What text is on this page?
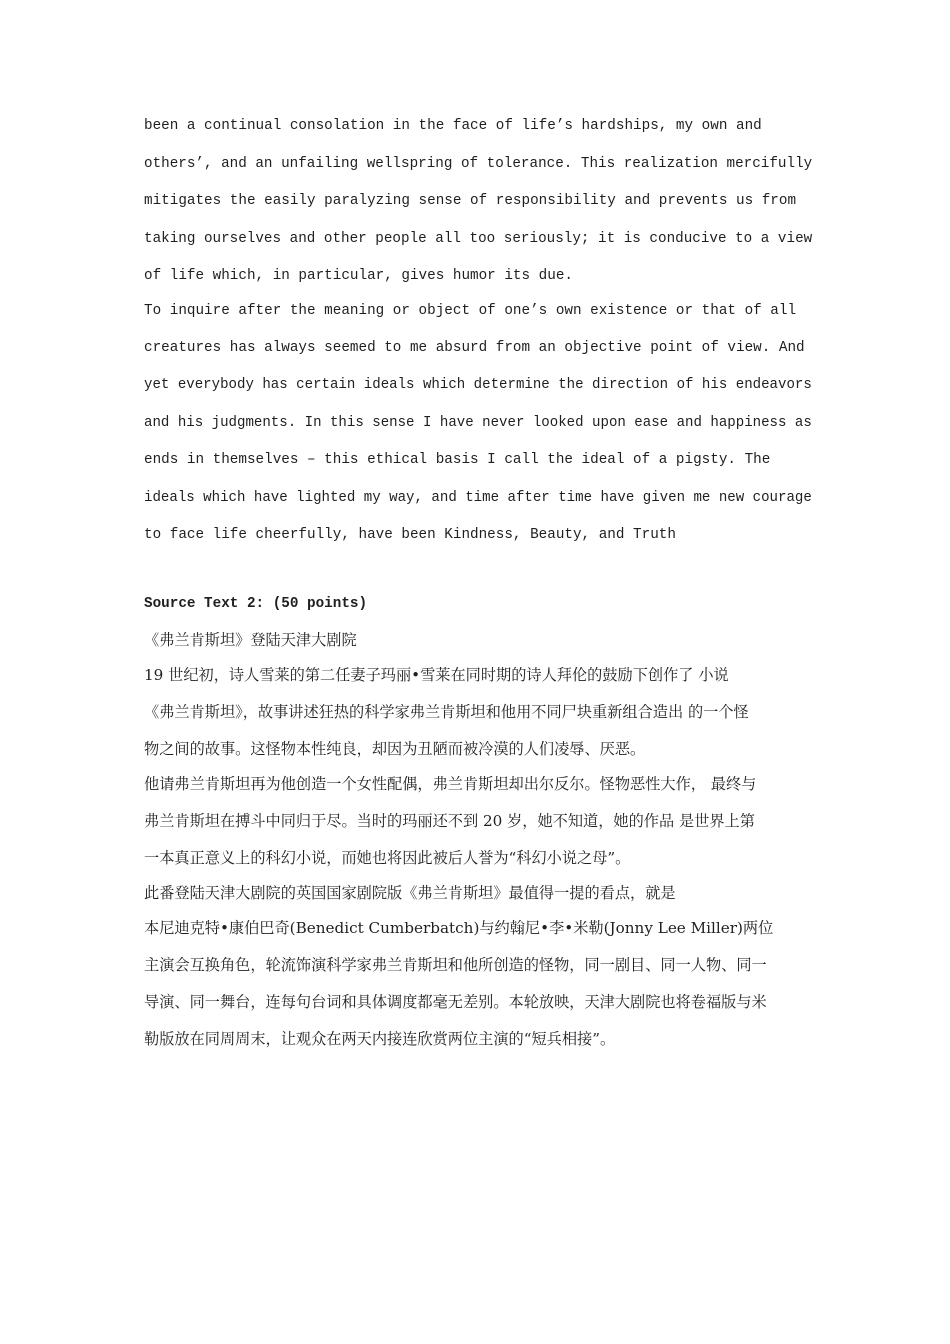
been a continual consolation in the face of life’s hardships, my own and

others’, and an unfailing wellspring of tolerance. This realization mercifully

mitigates the easily paralyzing sense of responsibility and prevents us from

taking ourselves and other people all too seriously; it is conducive to a view

of life which, in particular, gives humor its due.

To inquire after the meaning or object of one’s own existence or that of all

creatures has always seemed to me absurd from an objective point of view. And

yet everybody has certain ideals which determine the direction of his endeavors

and his judgments. In this sense I have never looked upon ease and happiness as

ends in themselves – this ethical basis I call the ideal of a pigsty. The

ideals which have lighted my way, and time after time have given me new courage

to face life cheerfully, have been Kindness, Beauty, and Truth

Source Text 2: (50 points)
《弗兰肯斯坦》登陆天津大剧院
19 世纪初，诗人雪莱的第二任妻子玛丽•雪莱在同时期的诗人拜伦的鼓励下创作了 小说
《弗兰肯斯坦》，故事讲述狂热的科学家弗兰肯斯坦和他用不同尸块重新组合造出 的一个怪
物之间的故事。这怪物本性纯良，却因为丑陋而被冷漠的人们凌辱、厌恶。
他请弗兰肯斯坦再为他创造一个女性配偶，弗兰肯斯坦却出尔反尔。怪物恶性大作， 最终与
弗兰肯斯坦在搏斗中同归于尽。当时的玛丽还不到 20 岁，她不知道，她的作品 是世界上第
一本真正意义上的科幻小说，而她也将因此被后人誉为“科幻小说之母”。
此番登陆天津大剧院的英国国家剧院版《弗兰肯斯坦》最值得一提的看点，就是
本尼迪克特•康伯巴奇(Benedict Cumberbatch)与约翰尼•李•米勒(Jonny Lee Miller)两位
主演会互换角色，轮流饰演科学家弗兰肯斯坦和他所创造的怪物，同一剧目、同一人物、同一
导演、同一舞台，连每句台词和具体调度都毫无差别。本轮放映，天津大剧院也将卷福版与米
勒版放在同周周末，让观众在两天内接连欣赏两位主演的“短兵相接”。
